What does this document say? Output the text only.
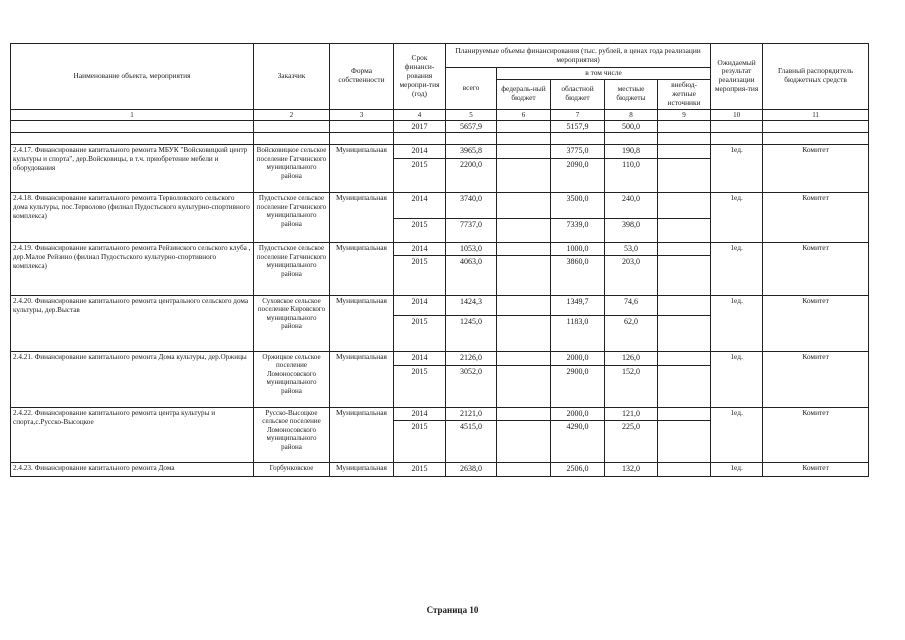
Наименование объекта, мероприятия	Заказчик	Форма собственности	Срок финанси-рования меропри-тия (год)	Планируемые объемы финансирования (тыс. рублей, в ценах года реализации мероприятия)					Ожидаемый результат реализации мероприя-тия	Главный распорядитель бюджетных средств
				всего	в том числе					
					федераль-ный бюджет	областной бюджет	местные бюджеты	внебюд-жетные источники		
1	2	3	4	5	6	7	8	9	10	11
			2017	5657,9		5157,9	500,0			

2.4.17. Финансирование капитального ремонта МБУК "Войсковицкий центр культуры и спорта", дер.Войсковицы, в т.ч. приобретение мебели и оборудования	Войсковицкое сельское поселение Гатчинского муниципального района	Муниципальная	2014	3965,8		3775,0	190,8		1ед.	Комитет
			2015	2200,0		2090,0	110,0			
2.4.18. Финансирование капитального ремонта Терволовского сельского дома культуры, пос.Терволово (филиал Пудостьского культурно-спортивного комплекса)	Пудостьское сельское поселение Гатчинского муниципального района	Муниципальная	2014	3740,0		3500,0	240,0		1ед.	Комитет
			2015	7737,0		7339,0	398,0			
2.4.19. Финансирование капитального ремонта Рейзинского сельского клуба , дер.Малое Рейзино (филиал Пудостьского культурно-спортивного комплекса)	Пудостьское сельское поселение Гатчинского муниципального района	Муниципальная	2014	1053,0		1000,0	53,0		1ед.	Комитет
			2015	4063,0		3860,0	203,0			
2.4.20. Финансирование капитального ремонта центрального сельского дома культуры, дер.Выстав	Суховское сельское поселение Кировского муниципального района	Муниципальная	2014	1424,3		1349,7	74,6		1ед.	Комитет
			2015	1245,0		1183,0	62,0			
2.4.21. Финансирование капитального ремонта Дома культуры, дер.Оржицы	Оржицкое сельское поселение Ломоносовского муниципального района	Муниципальная	2014	2126,0		2000,0	126,0		1ед.	Комитет
			2015	3052,0		2900,0	152,0			
2.4.22. Финансирование капитального ремонта центра культуры и спорта,с.Русско-Высоцкое	Русско-Высоцкое сельское поселение Ломоносовского муниципального района	Муниципальная	2014	2121,0		2000,0	121,0		1ед.	Комитет
			2015	4515,0		4290,0	225,0			
2.4.23. Финансирование капитального ремонта Дома	Горбунковское	Муниципальная	2015	2638,0		2506,0	132,0		1ед.	Комитет
Страница 10
